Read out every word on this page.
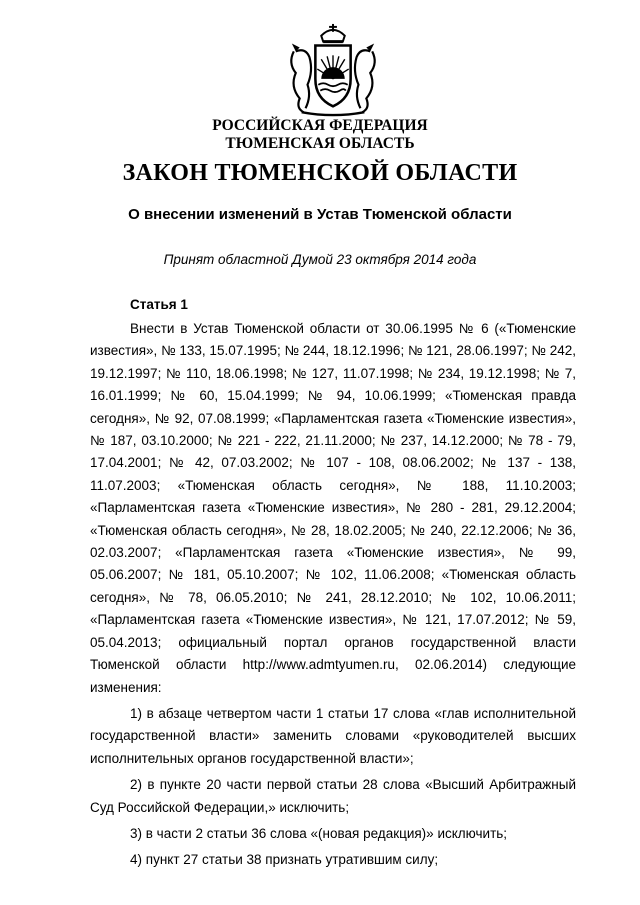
РОССИЙСКАЯ ФЕДЕРАЦИЯ
ТЮМЕНСКАЯ ОБЛАСТЬ
ЗАКОН ТЮМЕНСКОЙ ОБЛАСТИ
О внесении изменений в Устав Тюменской области
Принят областной Думой 23 октября 2014 года
Статья 1

Внести в Устав Тюменской области от 30.06.1995 № 6 («Тюменские известия», № 133, 15.07.1995; № 244, 18.12.1996; № 121, 28.06.1997; № 242, 19.12.1997; № 110, 18.06.1998; № 127, 11.07.1998; № 234, 19.12.1998; № 7, 16.01.1999; № 60, 15.04.1999; № 94, 10.06.1999; «Тюменская правда сегодня», № 92, 07.08.1999; «Парламентская газета «Тюменские известия», № 187, 03.10.2000; № 221 - 222, 21.11.2000; № 237, 14.12.2000; № 78 - 79, 17.04.2001; № 42, 07.03.2002; № 107 - 108, 08.06.2002; № 137 - 138, 11.07.2003; «Тюменская область сегодня», № 188, 11.10.2003; «Парламентская газета «Тюменские известия», № 280 - 281, 29.12.2004; «Тюменская область сегодня», № 28, 18.02.2005; № 240, 22.12.2006; № 36, 02.03.2007; «Парламентская газета «Тюменские известия», № 99, 05.06.2007; № 181, 05.10.2007; № 102, 11.06.2008; «Тюменская область сегодня», № 78, 06.05.2010; № 241, 28.12.2010; № 102, 10.06.2011; «Парламентская газета «Тюменские известия», № 121, 17.07.2012; № 59, 05.04.2013; официальный портал органов государственной власти Тюменской области http://www.admtyumen.ru, 02.06.2014) следующие изменения:

1) в абзаце четвертом части 1 статьи 17 слова «глав исполнительной государственной власти» заменить словами «руководителей высших исполнительных органов государственной власти»;

2) в пункте 20 части первой статьи 28 слова «Высший Арбитражный Суд Российской Федерации,» исключить;

3) в части 2 статьи 36 слова «(новая редакция)» исключить;

4) пункт 27 статьи 38 признать утратившим силу;
